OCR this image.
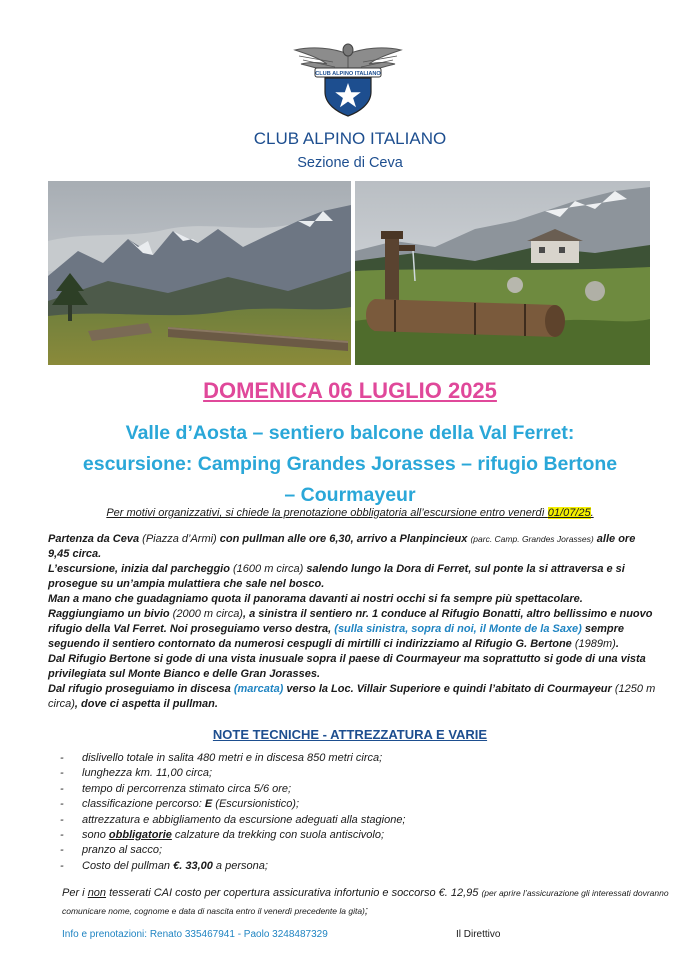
CLUB ALPINO ITALIANO
CLUB ALPINO ITALIANO
Sezione di Ceva
DOMENICA 06 LUGLIO 2025
Valle d’Aosta – sentiero balcone della Val Ferret:
escursione: Camping Grandes Jorasses – rifugio Bertone
– Courmayeur
Per motivi organizzativi, si chiede la prenotazione obbligatoria all’escursione entro venerdì 01/07/25.

Partenza da Ceva (Piazza d’Armi) con pullman alle ore 6,30, arrivo a Planpincieux (parc. Camp. Grandes Jorasses) alle ore 9,45 circa.

L’escursione, inizia dal parcheggio (1600 m circa) salendo lungo la Dora di Ferret, sul ponte la si attraversa e si prosegue su un’ampia mulattiera che sale nel bosco.

Man a mano che guadagniamo quota il panorama davanti ai nostri occhi si fa sempre più spettacolare.

Raggiungiamo un bivio (2000 m circa), a sinistra il sentiero nr. 1 conduce al Rifugio Bonatti, altro bellissimo e nuovo rifugio della Val Ferret. Noi proseguiamo verso destra, (sulla sinistra, sopra di noi, il Monte de la Saxe) sempre seguendo il sentiero contornato da numerosi cespugli di mirtilli ci indirizziamo al Rifugio G. Bertone (1989m).

Dal Rifugio Bertone si gode di una vista inusuale sopra il paese di Courmayeur ma soprattutto si gode di una vista privilegiata sul Monte Bianco e delle Gran Jorasses.

Dal rifugio proseguiamo in discesa (marcata) verso la Loc. Villair Superiore e quindi l’abitato di Courmayeur (1250 m circa), dove ci aspetta il pullman.

NOTE TECNICHE - ATTREZZATURA E VARIE
- dislivello totale in salita 480 metri e in discesa 850 metri circa;
- lunghezza km. 11,00 circa;
- tempo di percorrenza stimato circa 5/6 ore;
- classificazione percorso: E (Escursionistico);
- attrezzatura e abbigliamento da escursione adeguati alla stagione;
- sono obbligatorie calzature da trekking con suola antiscivolo;
- pranzo al sacco;
- Costo del pullman €. 33,00 a persona;
Per i non tesserati CAI costo per copertura assicurativa infortunio e soccorso €. 12,95 (per aprire l’assicurazione gli interessati dovranno comunicare nome, cognome e data di nascita entro il venerdì precedente la gita);
Info e prenotazioni: Renato 335467941 - Paolo 3248487329	Il Direttivo
